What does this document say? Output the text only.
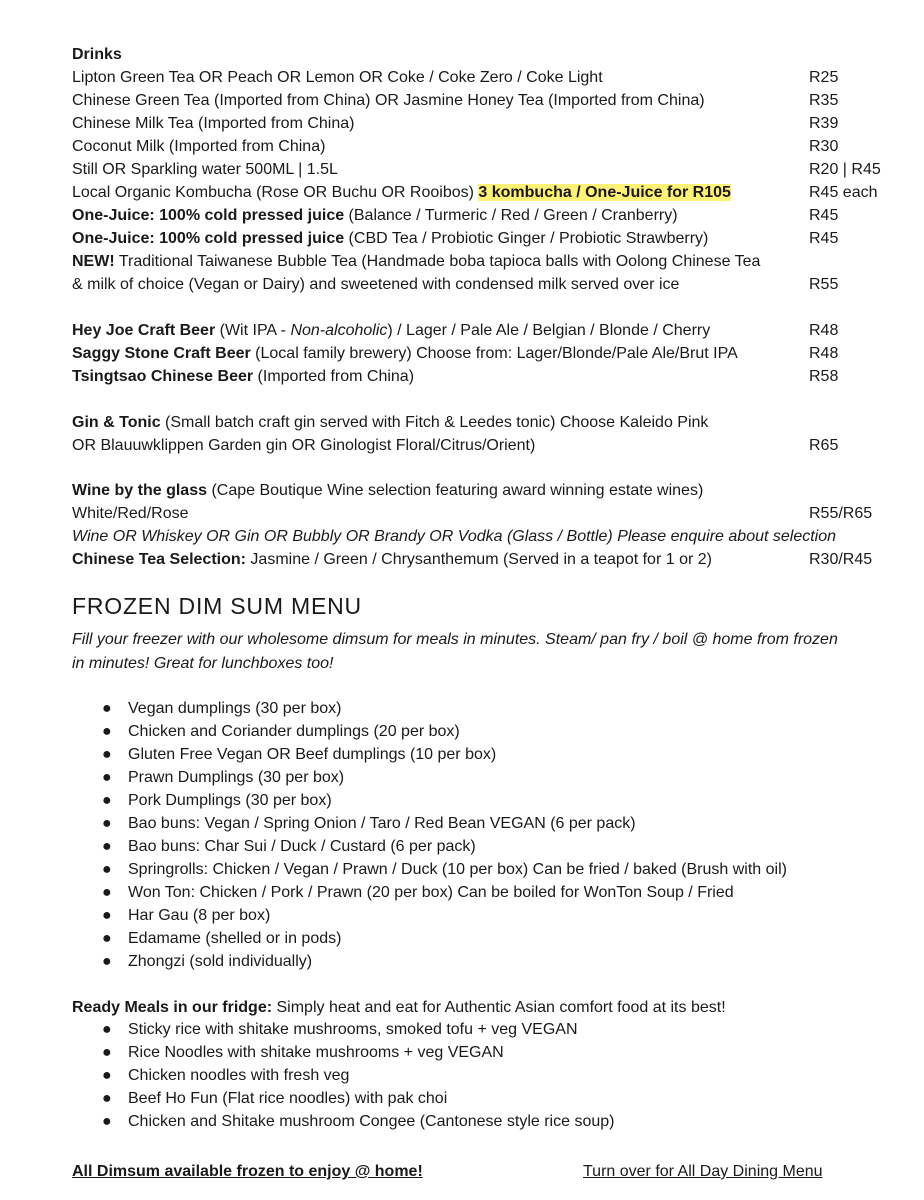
Drinks
Lipton Green Tea OR Peach OR Lemon OR Coke / Coke Zero / Coke Light	R25
Chinese Green Tea (Imported from China) OR Jasmine Honey Tea (Imported from China)	R35
Chinese Milk Tea (Imported from China)	R39
Coconut Milk (Imported from China)	R30
Still OR Sparkling water 500ML | 1.5L	R20 | R45
Local Organic Kombucha (Rose OR Buchu OR Rooibos) 3 kombucha / One-Juice for R105	R45 each
One-Juice: 100% cold pressed juice (Balance / Turmeric / Red / Green / Cranberry)	R45
One-Juice: 100% cold pressed juice (CBD Tea / Probiotic Ginger / Probiotic Strawberry)	R45
NEW! Traditional Taiwanese Bubble Tea (Handmade boba tapioca balls with Oolong Chinese Tea
& milk of choice (Vegan or Dairy) and sweetened with condensed milk served over ice	R55
Hey Joe Craft Beer (Wit IPA - Non-alcoholic) / Lager / Pale Ale / Belgian / Blonde / Cherry	R48
Saggy Stone Craft Beer (Local family brewery) Choose from: Lager/Blonde/Pale Ale/Brut IPA	R48
Tsingtsao Chinese Beer (Imported from China)	R58
Gin & Tonic (Small batch craft gin served with Fitch & Leedes tonic) Choose Kaleido Pink
OR Blauuwklippen Garden gin OR Ginologist Floral/Citrus/Orient)	R65
Wine by the glass (Cape Boutique Wine selection featuring award winning estate wines)
White/Red/Rose	R55/R65
Wine OR Whiskey OR Gin OR Bubbly OR Brandy OR Vodka (Glass / Bottle) Please enquire about selection
Chinese Tea Selection: Jasmine / Green / Chrysanthemum (Served in a teapot for 1 or 2)	R30/R45
FROZEN DIM SUM MENU
Fill your freezer with our wholesome dimsum for meals in minutes. Steam/ pan fry / boil @ home from frozen
in minutes! Great for lunchboxes too!
● Vegan dumplings (30 per box)
● Chicken and Coriander dumplings (20 per box)
● Gluten Free Vegan OR Beef dumplings (10 per box)
● Prawn Dumplings (30 per box)
● Pork Dumplings (30 per box)
● Bao buns: Vegan / Spring Onion / Taro / Red Bean VEGAN (6 per pack)
● Bao buns: Char Sui / Duck / Custard (6 per pack)
● Springrolls: Chicken / Vegan / Prawn / Duck (10 per box) Can be fried / baked (Brush with oil)
● Won Ton: Chicken / Pork / Prawn (20 per box) Can be boiled for WonTon Soup / Fried
● Har Gau (8 per box)
● Edamame (shelled or in pods)
● Zhongzi (sold individually)
Ready Meals in our fridge: Simply heat and eat for Authentic Asian comfort food at its best!
● Sticky rice with shitake mushrooms, smoked tofu + veg VEGAN
● Rice Noodles with shitake mushrooms + veg VEGAN
● Chicken noodles with fresh veg
● Beef Ho Fun (Flat rice noodles) with pak choi
● Chicken and Shitake mushroom Congee (Cantonese style rice soup)
All Dimsum available frozen to enjoy @ home!	Turn over for All Day Dining Menu
